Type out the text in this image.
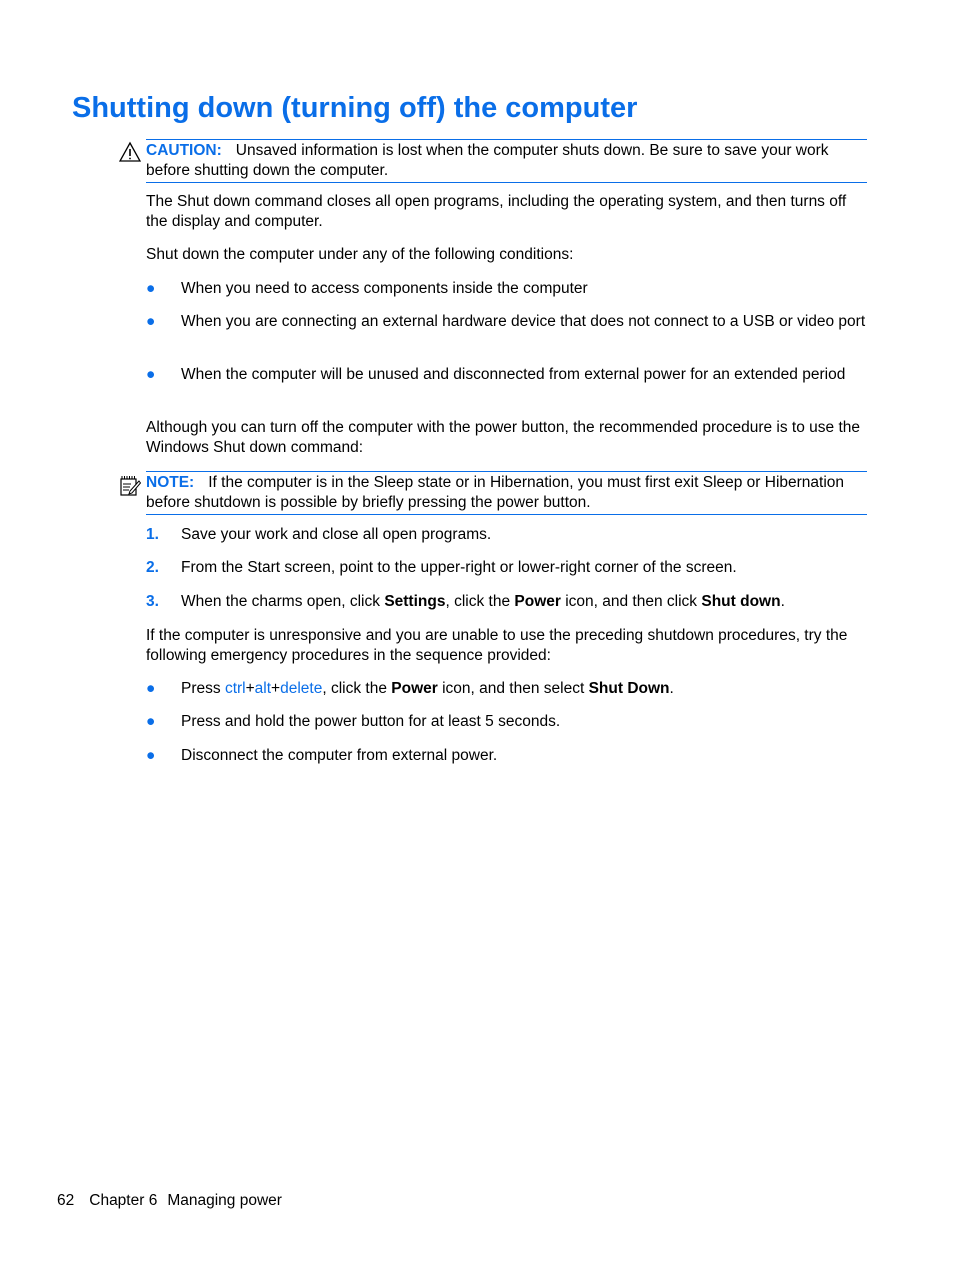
Shutting down (turning off) the computer
CAUTION: Unsaved information is lost when the computer shuts down. Be sure to save your work before shutting down the computer.

The Shut down command closes all open programs, including the operating system, and then turns off the display and computer.

Shut down the computer under any of the following conditions:

● When you need to access components inside the computer
● When you are connecting an external hardware device that does not connect to a USB or video port
● When the computer will be unused and disconnected from external power for an extended period

Although you can turn off the computer with the power button, the recommended procedure is to use the Windows Shut down command:

NOTE: If the computer is in the Sleep state or in Hibernation, you must first exit Sleep or Hibernation before shutdown is possible by briefly pressing the power button.
1. Save your work and close all open programs.
2. From the Start screen, point to the upper-right or lower-right corner of the screen.
3. When the charms open, click Settings, click the Power icon, and then click Shut down.

If the computer is unresponsive and you are unable to use the preceding shutdown procedures, try the following emergency procedures in the sequence provided:

● Press ctrl+alt+delete, click the Power icon, and then select Shut Down.
● Press and hold the power button for at least 5 seconds.
● Disconnect the computer from external power.
62 Chapter 6 Managing power
